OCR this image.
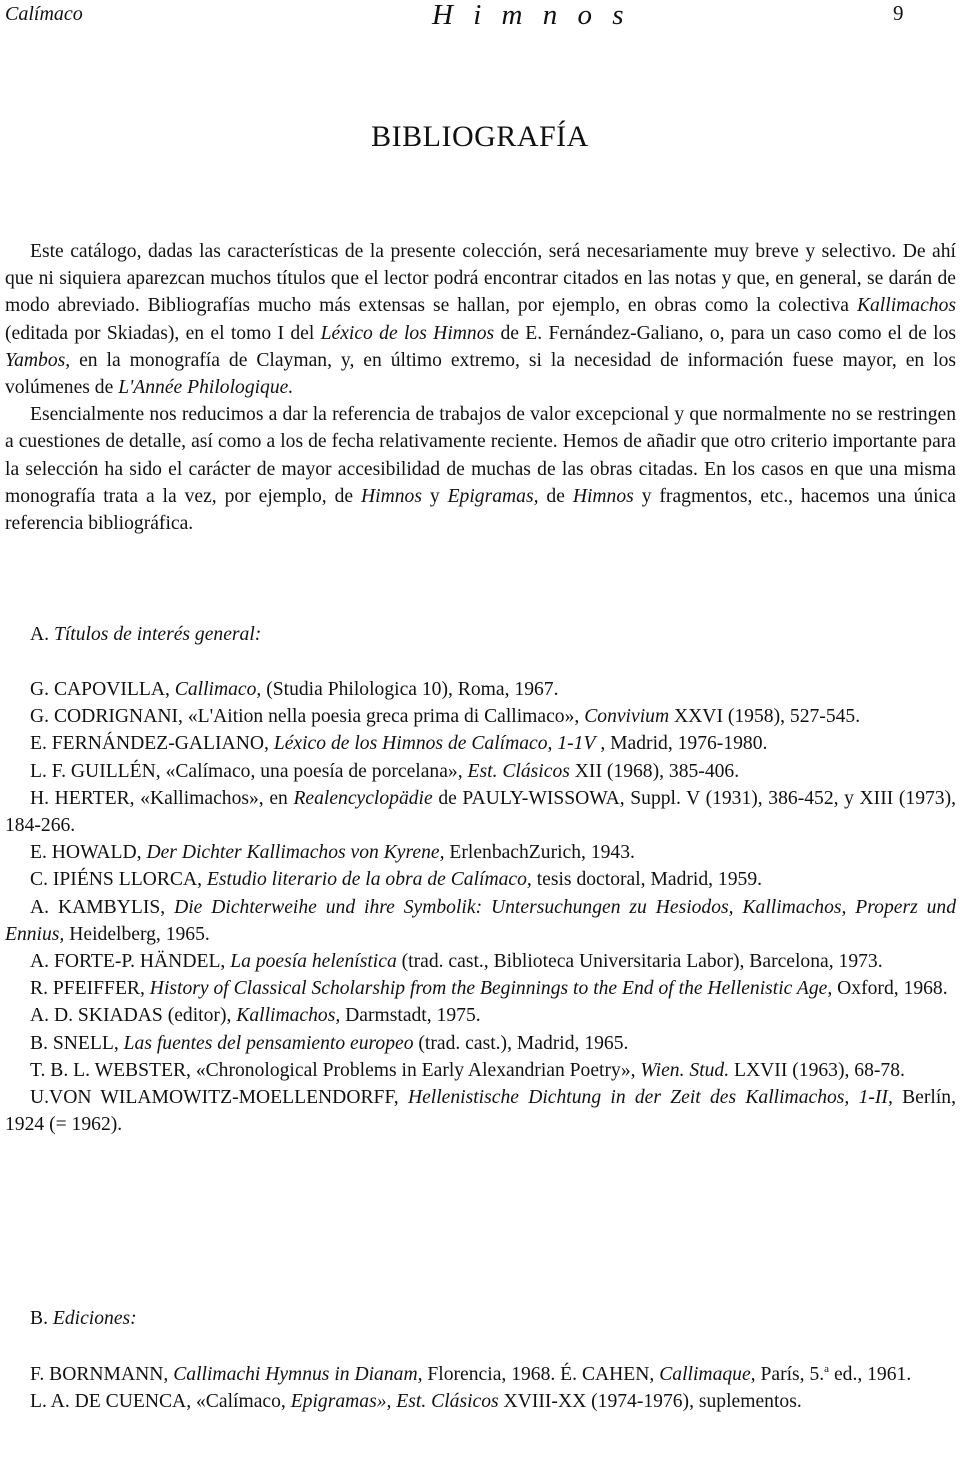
Calímaco	H i m n o s	9
BIBLIOGRAFÍA

Este catálogo, dadas las características de la presente colección, será necesariamente muy breve y selectivo. De ahí que ni siquiera aparezcan muchos títulos que el lector podrá encontrar citados en las notas y que, en general, se darán de modo abreviado. Bibliografías mucho más extensas se hallan, por ejemplo, en obras como la colectiva Kallimachos (editada por Skiadas), en el tomo I del Léxico de los Himnos de E. Fernández-Galiano, o, para un caso como el de los Yambos, en la monografía de Clayman, y, en último extremo, si la necesidad de información fuese mayor, en los volúmenes de L'Année Philologique.

Esencialmente nos reducimos a dar la referencia de trabajos de valor excepcional y que normalmente no se restringen a cuestiones de detalle, así como a los de fecha relativamente reciente. Hemos de añadir que otro criterio importante para la selección ha sido el carácter de mayor accesibilidad de muchas de las obras citadas. En los casos en que una misma monografía trata a la vez, por ejemplo, de Himnos y Epigramas, de Himnos y fragmentos, etc., hacemos una única referencia bibliográfica.

A. Títulos de interés general:

G. CAPOVILLA, Callimaco, (Studia Philologica 10), Roma, 1967.

G. CODRIGNANI, «L'Aition nella poesia greca prima di Callimaco», Convivium XXVI (1958), 527-545.

E. FERNÁNDEZ-GALIANO, Léxico de los Himnos de Calímaco, 1-1V , Madrid, 1976-1980.

L. F. GUILLÉN, «Calímaco, una poesía de porcelana», Est. Clásicos XII (1968), 385-406.

H. HERTER, «Kallimachos», en Realencyclopädie de PAULY-WISSOWA, Suppl. V (1931), 386-452, y XIII (1973), 184-266.

E. HOWALD, Der Dichter Kallimachos von Kyrene, ErlenbachZurich, 1943.

C. IPIÉNS LLORCA, Estudio literario de la obra de Calímaco, tesis doctoral, Madrid, 1959.

A. KAMBYLIS, Die Dichterweihe und ihre Symbolik: Untersuchungen zu Hesiodos, Kallimachos, Properz und Ennius, Heidelberg, 1965.

A. FORTE-P. HÄNDEL, La poesía helenística (trad. cast., Biblioteca Universitaria Labor), Barcelona, 1973.

R. PFEIFFER, History of Classical Scholarship from the Beginnings to the End of the Hellenistic Age, Oxford, 1968.

A. D. SKIADAS (editor), Kallimachos, Darmstadt, 1975.

B. SNELL, Las fuentes del pensamiento europeo (trad. cast.), Madrid, 1965.

T. B. L. WEBSTER, «Chronological Problems in Early Alexandrian Poetry», Wien. Stud. LXVII (1963), 68-78.

U.VON WILAMOWITZ-MOELLENDORFF, Hellenistische Dichtung in der Zeit des Kallimachos, 1-II, Berlín, 1924 (= 1962).

B. Ediciones:

F. BORNMANN, Callimachi Hymnus in Dianam, Florencia, 1968. É. CAHEN, Callimaque, París, 5.$^a$ ed., 1961.

L. A. DE CUENCA, «Calímaco, Epigramas», Est. Clásicos XVIII-XX (1974-1976), suplementos.
